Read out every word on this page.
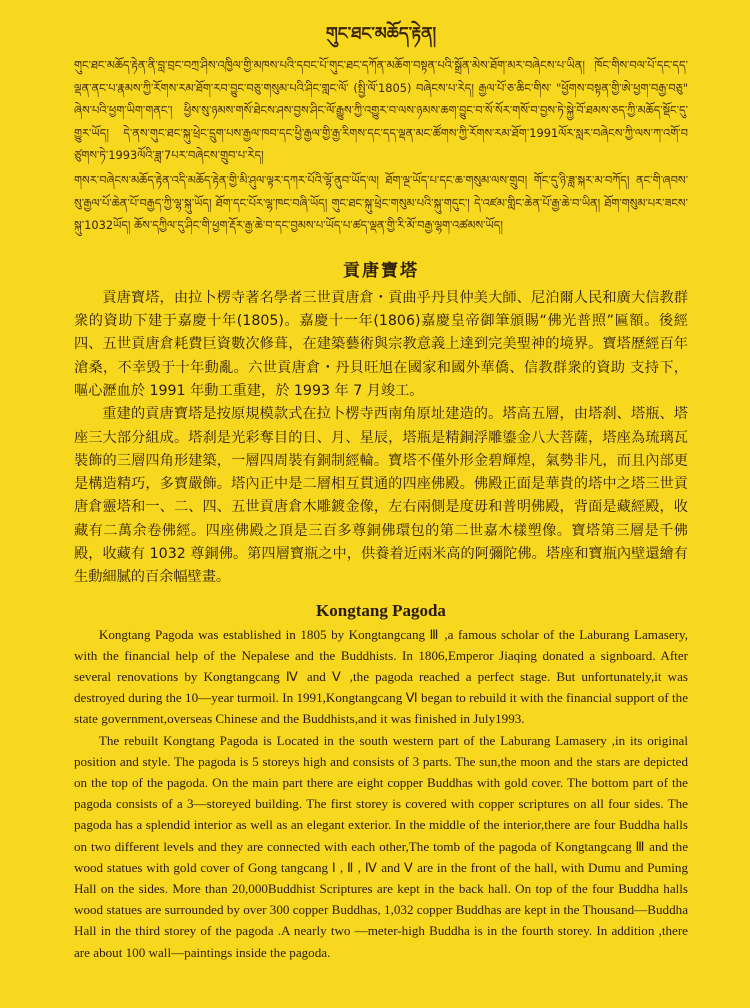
གུང་ཐང་མཆོད་རྟེན།

གུང་ཐང་མཆོད་རྟེན་ནི་བླ་བྲང་བཀྲ་ཤིས་འཁྱིལ་གྱི་མཁས་པའི་དབང་པོ་གུང་ཐང་དཀོན་མཆོག་བསྟན་པའི་སྒྲོན་མེས་ཐོག་མར་བཞེངས་པ་ཡིན། ཁོང་གིས་བལ་པོ་དང་དད་ལྡན་ནང་པ་རྣམས་ཀྱི་རོགས་རམ་ཐོག་རབ་བྱུང་བཅུ་གསུམ་པའི་ཤིང་གླང་ལོ་ (སྤྱི་ལོ་1805) བཞེངས་པ་རེད། རྒྱལ་པོ་ཅ་ཆིང་གིས་ "ཕྱོགས་བསྟན་གྱི་ཨེ་ཕྱག་བརྒྱ་བཅུ" ཞེས་པའི་ཕྱག་ཡིག་གནང་། ཕྱིས་སུ་ཉམས་གསོ་ཐེངས་ཤས་བྱས་ཤིང་ལོ་རྒྱུས་ཀྱི་འགྱུར་བ་ལས་ཉམས་ཆག་བྱུང་བ་སོ་སོར་གསོ་བ་བྱས་ཏེ་སྐྱེ་བོ་ཐམས་ཅད་ཀྱི་མཆོད་སྡོང་དུ་གྱུར་ཡོད། དེ་ནས་གུང་ཐང་སྐུ་ཕྲེང་དྲུག་པས་རྒྱལ་ཁབ་དང་ཕྱི་རྒྱལ་གྱི་རྒྱ་རིགས་དང་དད་ལྡན་མང་ཚོགས་ཀྱི་རོགས་རམ་ཐོག་1991ལོར་སླར་བཞེངས་ཀྱི་ལས་ཀ་འགོ་བཙུགས་ཏེ་1993ལོའི་ཟླ་7པར་བཞེངས་གྲུབ་པ་རེད།

གསར་བཞེངས་མཆོད་རྟེན་འདི་མཆོད་རྟེན་གྱི་མི་ཤུལ་ལྟར་དཀར་པོའི་ལྷོ་ནུབ་ཡོད་ལ། ཐོག་ལྔ་ཡོད་པ་དང་ཆ་གསུམ་ལས་གྲུབ། གོང་དུ་ཉི་ཟླ་སྐར་མ་བཀོད། ནང་གི་ཞབས་སུ་རྒྱལ་པོ་ཆེན་པོ་བརྒྱད་ཀྱི་ལྷ་སྐུ་ཡོད། ཐོག་དང་པོར་ལྷ་ཁང་བཞི་ཡོད། གུང་ཐང་སྐུ་ཕྲེང་གསུམ་པའི་སྐུ་གདུང་། དེ་འཛམ་གླིང་ཆེན་པོ་རྒྱ་ཆེ་བ་ཡིན། ཐོག་གསུམ་པར་ཟངས་སྐུ་1032ཡོད། ཆོས་དཀྱིལ་དུ་ཤིང་གི་ཕྱག་རྡོར་རྒྱ་ཆེ་བ་དང་བྱམས་པ་ཡོད་པ་ཚད་ལྡན་གྱི་རི་མོ་བརྒྱ་ལྷག་འཚམས་ཡོད།

貢唐寶塔

貢唐寶塔，由拉卜楞寺著名學者三世貢唐倉・貢曲乎丹貝仲美大師、尼泊爾人民和廣大信教群衆的資助下建于嘉慶十年(1805)。嘉慶十一年(1806)嘉慶皇帝御筆頒賜“佛光普照”匾額。後經四、五世貢唐倉耗費巨資數次修葺，在建築藝術與宗教意義上達到完美聖神的境界。寶塔歷經百年滄桑，不幸毁于十年動亂。六世貢唐倉・丹貝旺旭在國家和國外華僑、信教群衆的資助 支持下，嘔心瀝血於 1991 年動工重建，於 1993 年 7 月竣工。

重建的貢唐寶塔是按原規模款式在拉卜楞寺西南角原址建造的。塔高五層，由塔刹、塔瓶、塔座三大部分組成。塔刹是光彩奪目的日、月、星辰，塔瓶是精銅浮雕鎏金八大菩薩，塔座為琉璃瓦裝飾的三層四角形建築，一層四周裝有銅制經輪。寶塔不僅外形金碧輝煌，氣勢非凡，而且內部更是構造精巧，多寶嚴飾。塔內正中是二層相互貫通的四座佛殿。佛殿正面是華貴的塔中之塔三世貢唐倉靈塔和一、二、四、五世貢唐倉木雕鍍金像，左右兩側是度毋和普明佛殿，背面是藏經殿，收藏有二萬余卷佛經。四座佛殿之頂是三百多尊銅佛環包的第二世嘉木樣塑像。寶塔第三層是千佛殿，收藏有 1032 尊銅佛。第四層寶瓶之中，供養着近兩米高的阿彌陀佛。塔座和寶瓶內壁還繪有生動細膩的百余幅壁畫。

Kongtang Pagoda

Kongtang Pagoda was established in 1805 by Kongtangcang Ⅲ ,a famous scholar of the Laburang Lamasery, with the financial help of the Nepalese and the Buddhists. In 1806,Emperor Jiaqing donated a signboard. After several renovations by Kongtangcang Ⅳ and Ⅴ ,the pagoda reached a perfect stage. But unfortunately,it was destroyed during the 10—year turmoil. In 1991,Kongtangcang Ⅵ began to rebuild it with the financial support of the state government,overseas Chinese and the Buddhists,and it was finished in July1993.

The rebuilt Kongtang Pagoda is Located in the south western part of the Laburang Lamasery ,in its original position and style. The pagoda is 5 storeys high and consists of 3 parts. The sun,the moon and the stars are depicted on the top of the pagoda. On the main part there are eight copper Buddhas with gold cover. The bottom part of the pagoda consists of a 3—storeyed building. The first storey is covered with copper scriptures on all four sides. The pagoda has a splendid interior as well as an elegant exterior. In the middle of the interior,there are four Buddha halls on two different levels and they are connected with each other,The tomb of the pagoda of Kongtangcang Ⅲ and the wood statues with gold cover of Gong tangcang Ⅰ , Ⅱ , Ⅳ and Ⅴ are in the front of the hall, with Dumu and Puming Hall on the sides. More than 20,000Buddhist Scriptures are kept in the back hall. On top of the four Buddha halls wood statues are surrounded by over 300 copper Buddhas, 1,032 copper Buddhas are kept in the Thousand—Buddha Hall in the third storey of the pagoda .A nearly two —meter-high Buddha is in the fourth storey. In addition ,there are about 100 wall—paintings inside the pagoda.
